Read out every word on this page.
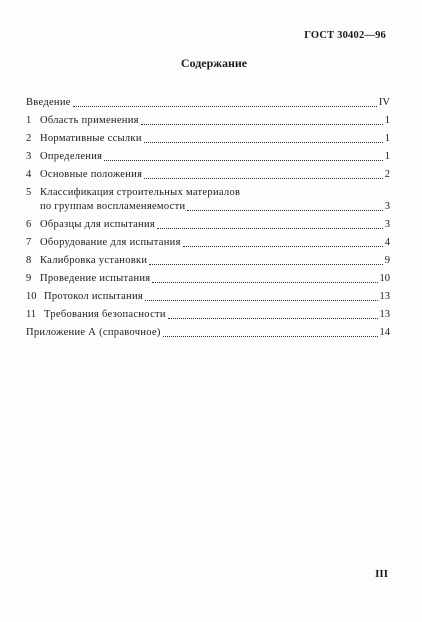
ГОСТ 30402—96
Содержание
Введение	IV
1 Область применения	1
2 Нормативные ссылки	1
3 Определения	1
4 Основные положения	2
5 Классификация строительных материалов
по группам воспламеняемости	3
6 Образцы для испытания	3
7 Оборудование для испытания	4
8 Калибровка установки	9
9 Проведение испытания	10
10 Протокол испытания	13
11 Требования безопасности	13
Приложение А (справочное)	14
III
